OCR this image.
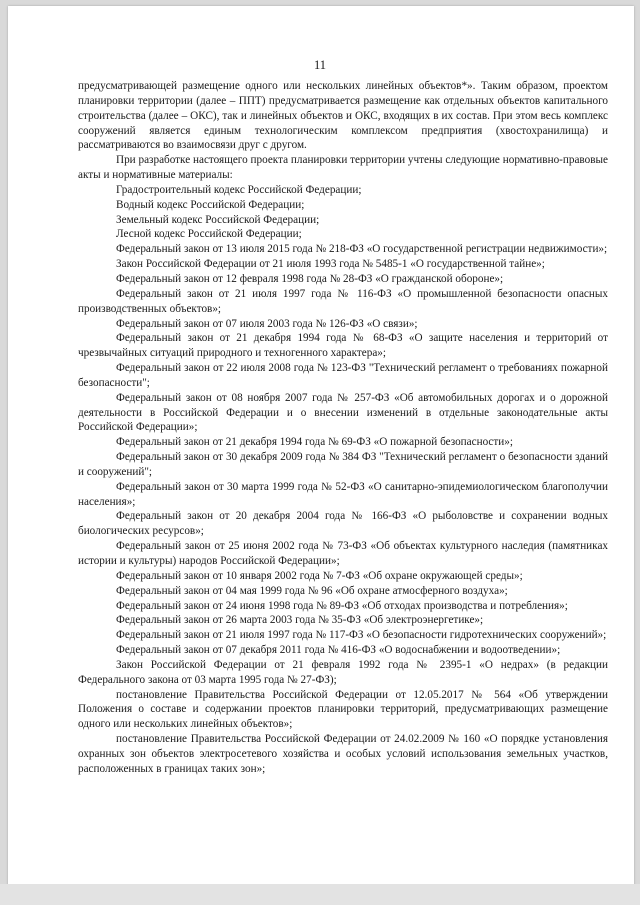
11

предусматривающей размещение одного или нескольких линейных объектов*». Таким образом, проектом планировки территории (далее – ППТ) предусматривается размещение как отдельных объектов капитального строительства (далее – ОКС), так и линейных объектов и ОКС, входящих в их состав. При этом весь комплекс сооружений является единым технологическим комплексом предприятия (хвостохранилища) и рассматриваются во взаимосвязи друг с другом.

При разработке настоящего проекта планировки территории учтены следующие нормативно-правовые акты и нормативные материалы:

Градостроительный кодекс Российской Федерации;

Водный кодекс Российской Федерации;

Земельный кодекс Российской Федерации;

Лесной кодекс Российской Федерации;

Федеральный закон от 13 июля 2015 года № 218-ФЗ «О государственной регистрации недвижимости»;

Закон Российской Федерации от 21 июля 1993 года № 5485-1 «О государственной тайне»;

Федеральный закон от 12 февраля 1998 года № 28-ФЗ «О гражданской обороне»;

Федеральный закон от 21 июля 1997 года № 116-ФЗ «О промышленной безопасности опасных производственных объектов»;

Федеральный закон от 07 июля 2003 года № 126-ФЗ «О связи»;

Федеральный закон от 21 декабря 1994 года № 68-ФЗ «О защите населения и территорий от чрезвычайных ситуаций природного и техногенного характера»;

Федеральный закон от 22 июля 2008 года № 123-ФЗ "Технический регламент о требованиях пожарной безопасности";

Федеральный закон от 08 ноября 2007 года № 257-ФЗ «Об автомобильных дорогах и о дорожной деятельности в Российской Федерации и о внесении изменений в отдельные законодательные акты Российской Федерации»;

Федеральный закон от 21 декабря 1994 года № 69-ФЗ «О пожарной безопасности»;

Федеральный закон от 30 декабря 2009 года № 384 ФЗ "Технический регламент о безопасности зданий и сооружений";

Федеральный закон от 30 марта 1999 года № 52-ФЗ «О санитарно-эпидемиологическом благополучии населения»;

Федеральный закон от 20 декабря 2004 года № 166-ФЗ «О рыболовстве и сохранении водных биологических ресурсов»;

Федеральный закон от 25 июня 2002 года № 73-ФЗ «Об объектах культурного наследия (памятниках истории и культуры) народов Российской Федерации»;

Федеральный закон от 10 января 2002 года № 7-ФЗ «Об охране окружающей среды»;

Федеральный закон от 04 мая 1999 года № 96 «Об охране атмосферного воздуха»;

Федеральный закон от 24 июня 1998 года № 89-ФЗ «Об отходах производства и потребления»;

Федеральный закон от 26 марта 2003 года № 35-ФЗ «Об электроэнергетике»;

Федеральный закон от 21 июля 1997 года № 117-ФЗ «О безопасности гидротехнических сооружений»;

Федеральный закон от 07 декабря 2011 года № 416-ФЗ «О водоснабжении и водоотведении»;

Закон Российской Федерации от 21 февраля 1992 года № 2395-1 «О недрах» (в редакции Федерального закона от 03 марта 1995 года № 27-ФЗ);

постановление Правительства Российской Федерации от 12.05.2017 № 564 «Об утверждении Положения о составе и содержании проектов планировки территорий, предусматривающих размещение одного или нескольких линейных объектов»;

постановление Правительства Российской Федерации от 24.02.2009 № 160 «О порядке установления охранных зон объектов электросетевого хозяйства и особых условий использования земельных участков, расположенных в границах таких зон»;
